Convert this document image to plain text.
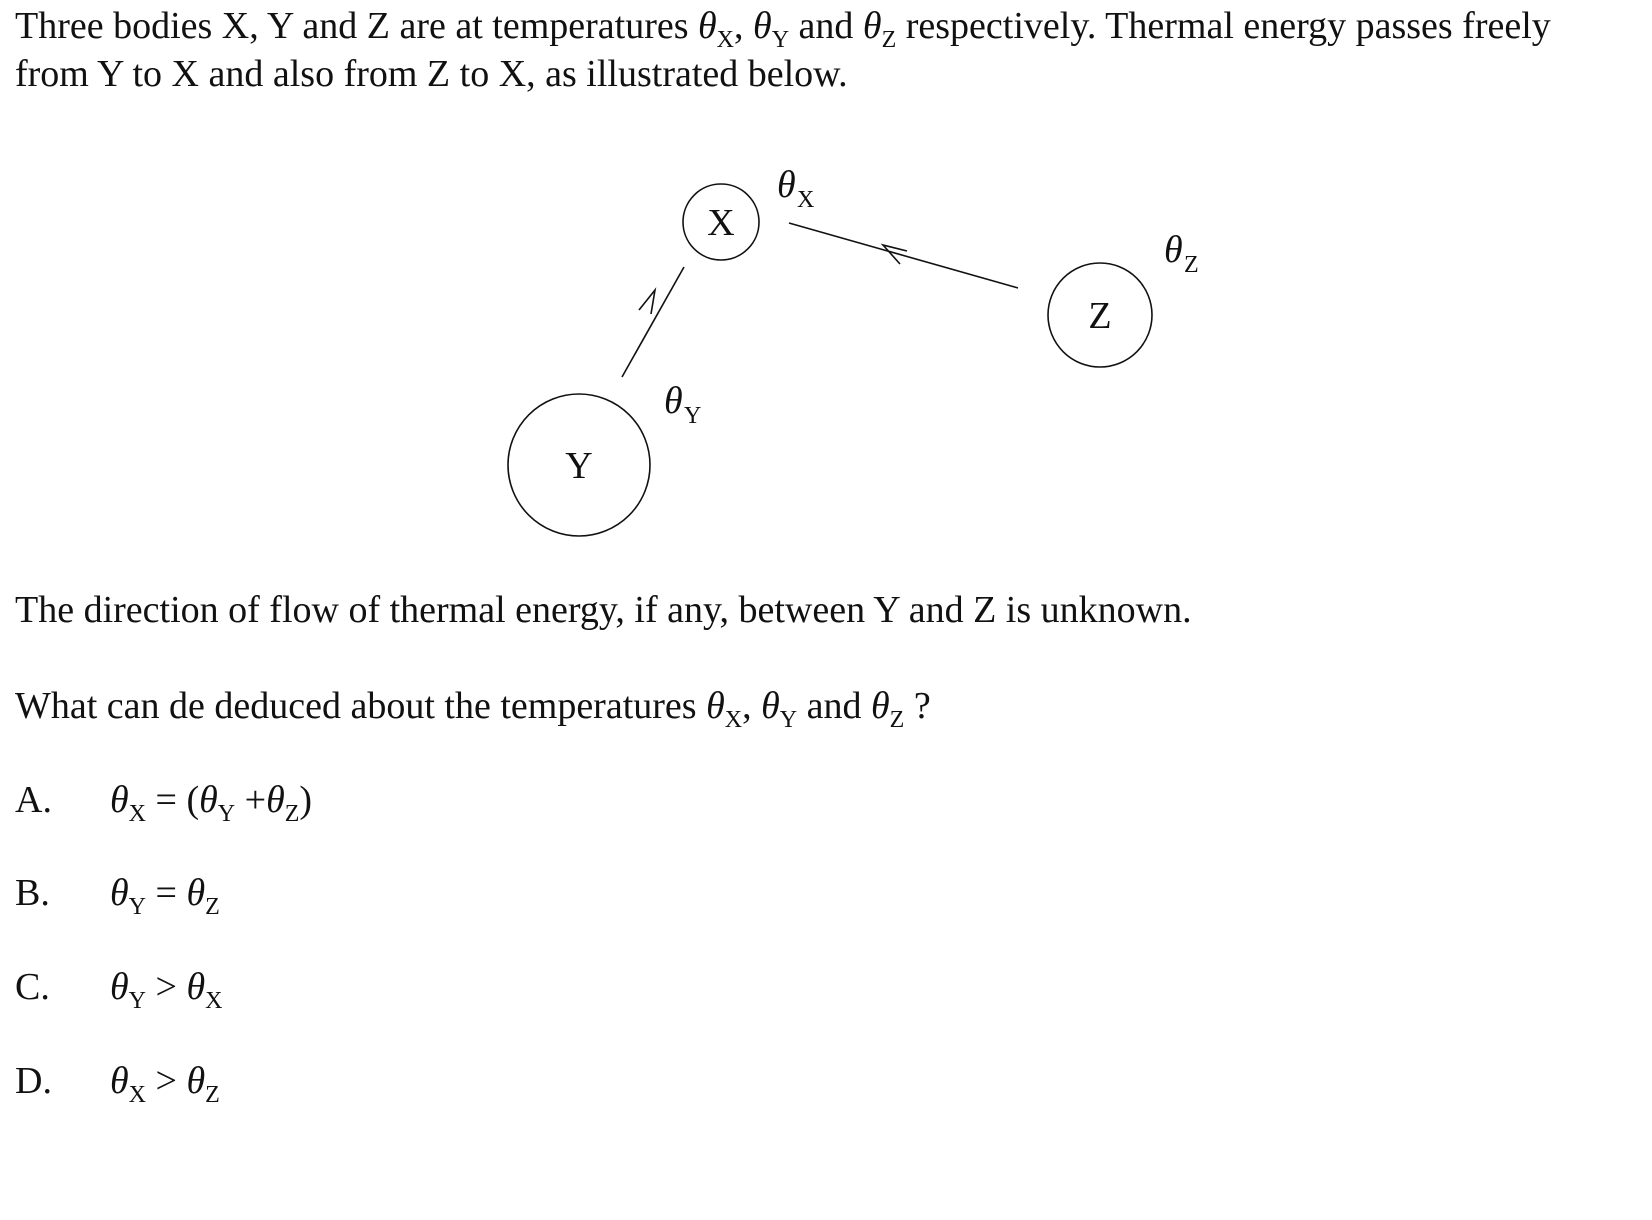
Three bodies X, Y and Z are at temperatures $\theta_X$, $\theta_Y$ and $\theta_Z$ respectively. Thermal energy passes freely

from Y to X and also from Z to X, as illustrated below.

X
Z
Y
θ X
θ Z
θ Y

The direction of flow of thermal energy, if any, between Y and Z is unknown.

What can de deduced about the temperatures $\theta_X$, $\theta_Y$ and $\theta_Z$ ?

A. $\theta_X = (\theta_Y +\theta_Z)$
B. $\theta_Y = \theta_Z$
C. $\theta_Y > \theta_X$
D. $\theta_X > \theta_Z$
